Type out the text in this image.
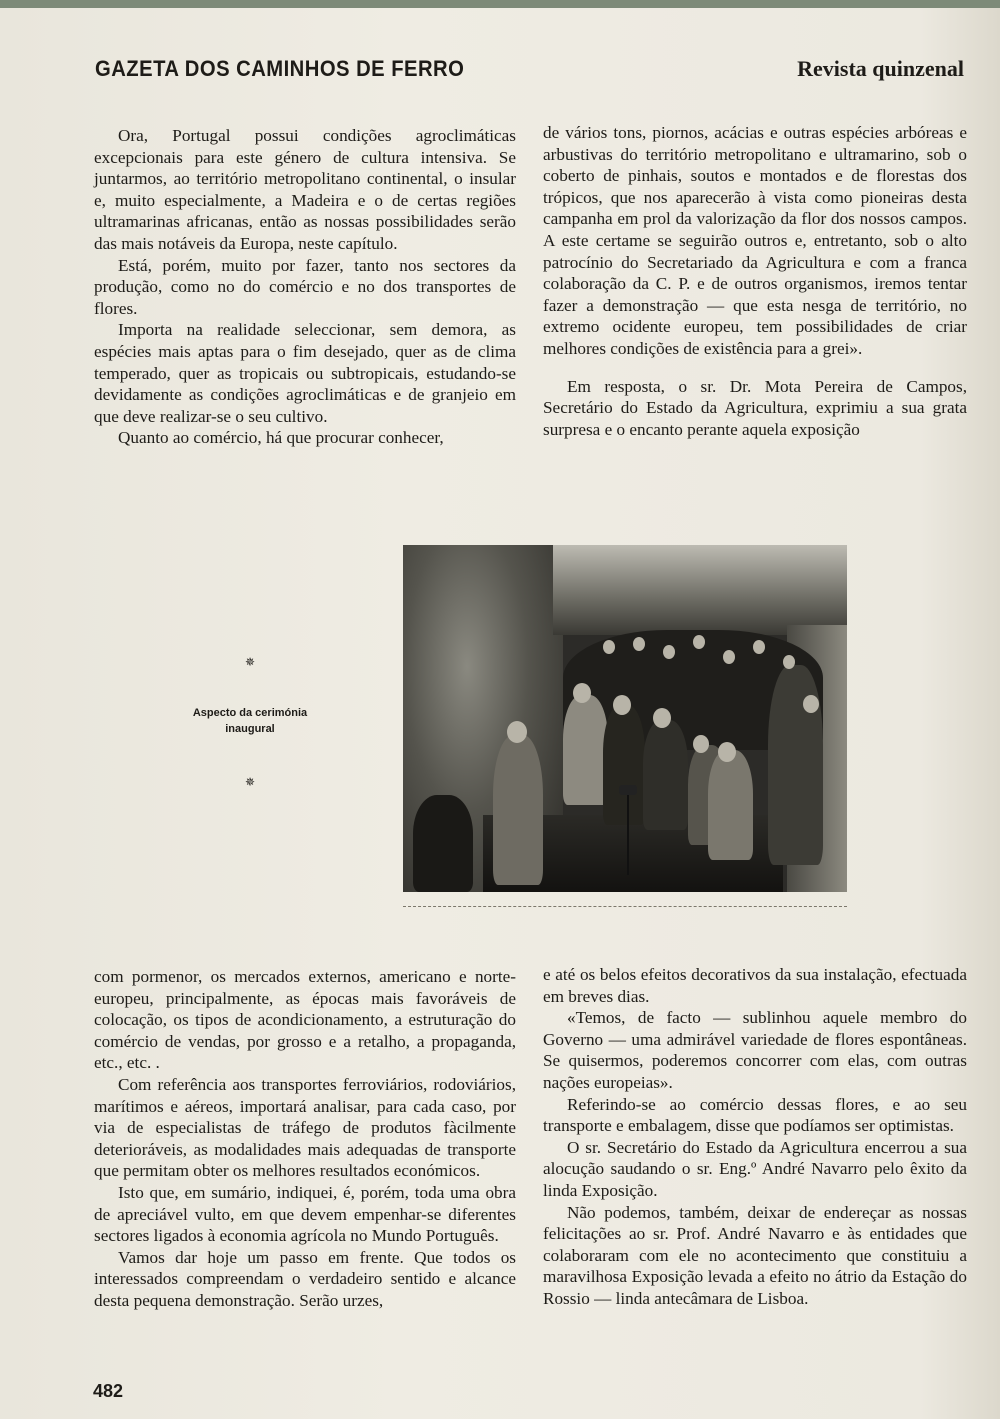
GAZETA DOS CAMINHOS DE FERRO	Revista quinzenal

Ora, Portugal possui condições agroclimáticas excepcionais para este género de cultura intensiva. Se juntarmos, ao território metropolitano continental, o insular e, muito especialmente, a Madeira e o de certas regiões ultramarinas africanas, então as nossas possibilidades serão das mais notáveis da Europa, neste capítulo.

Está, porém, muito por fazer, tanto nos sectores da produção, como no do comércio e no dos transportes de flores.

Importa na realidade seleccionar, sem demora, as espécies mais aptas para o fim desejado, quer as de clima temperado, quer as tropicais ou subtropicais, estudando-se devidamente as condições agroclimáticas e de granjeio em que deve realizar-se o seu cultivo.

Quanto ao comércio, há que procurar conhecer,

de vários tons, piornos, acácias e outras espécies arbóreas e arbustivas do território metropolitano e ultramarino, sob o coberto de pinhais, soutos e montados e de florestas dos trópicos, que nos aparecerão à vista como pioneiras desta campanha em prol da valorização da flor dos nossos campos. A este certame se seguirão outros e, entretanto, sob o alto patrocínio do Secretariado da Agricultura e com a franca colaboração da C. P. e de outros organismos, iremos tentar fazer a demonstração — que esta nesga de território, no extremo ocidente europeu, tem possibilidades de criar melhores condições de existência para a grei».

Em resposta, o sr. Dr. Mota Pereira de Campos, Secretário do Estado da Agricultura, exprimiu a sua grata surpresa e o encanto perante aquela exposição

✵
Aspecto da cerimónia inaugural
✵

com pormenor, os mercados externos, americano e norte-europeu, principalmente, as épocas mais favoráveis de colocação, os tipos de acondicionamento, a estruturação do comércio de vendas, por grosso e a retalho, a propaganda, etc., etc. .

Com referência aos transportes ferroviários, rodoviários, marítimos e aéreos, importará analisar, para cada caso, por via de especialistas de tráfego de produtos fàcilmente deterioráveis, as modalidades mais adequadas de transporte que permitam obter os melhores resultados económicos.

Isto que, em sumário, indiquei, é, porém, toda uma obra de apreciável vulto, em que devem empenhar-se diferentes sectores ligados à economia agrícola no Mundo Português.

Vamos dar hoje um passo em frente. Que todos os interessados compreendam o verdadeiro sentido e alcance desta pequena demonstração. Serão urzes,

e até os belos efeitos decorativos da sua instalação, efectuada em breves dias.

«Temos, de facto — sublinhou aquele membro do Governo — uma admirável variedade de flores espontâneas. Se quisermos, poderemos concorrer com elas, com outras nações europeias».

Referindo-se ao comércio dessas flores, e ao seu transporte e embalagem, disse que podíamos ser optimistas.

O sr. Secretário do Estado da Agricultura encerrou a sua alocução saudando o sr. Eng.º André Navarro pelo êxito da linda Exposição.

Não podemos, também, deixar de endereçar as nossas felicitações ao sr. Prof. André Navarro e às entidades que colaboraram com ele no acontecimento que constituiu a maravilhosa Exposição levada a efeito no átrio da Estação do Rossio — linda antecâmara de Lisboa.

482
